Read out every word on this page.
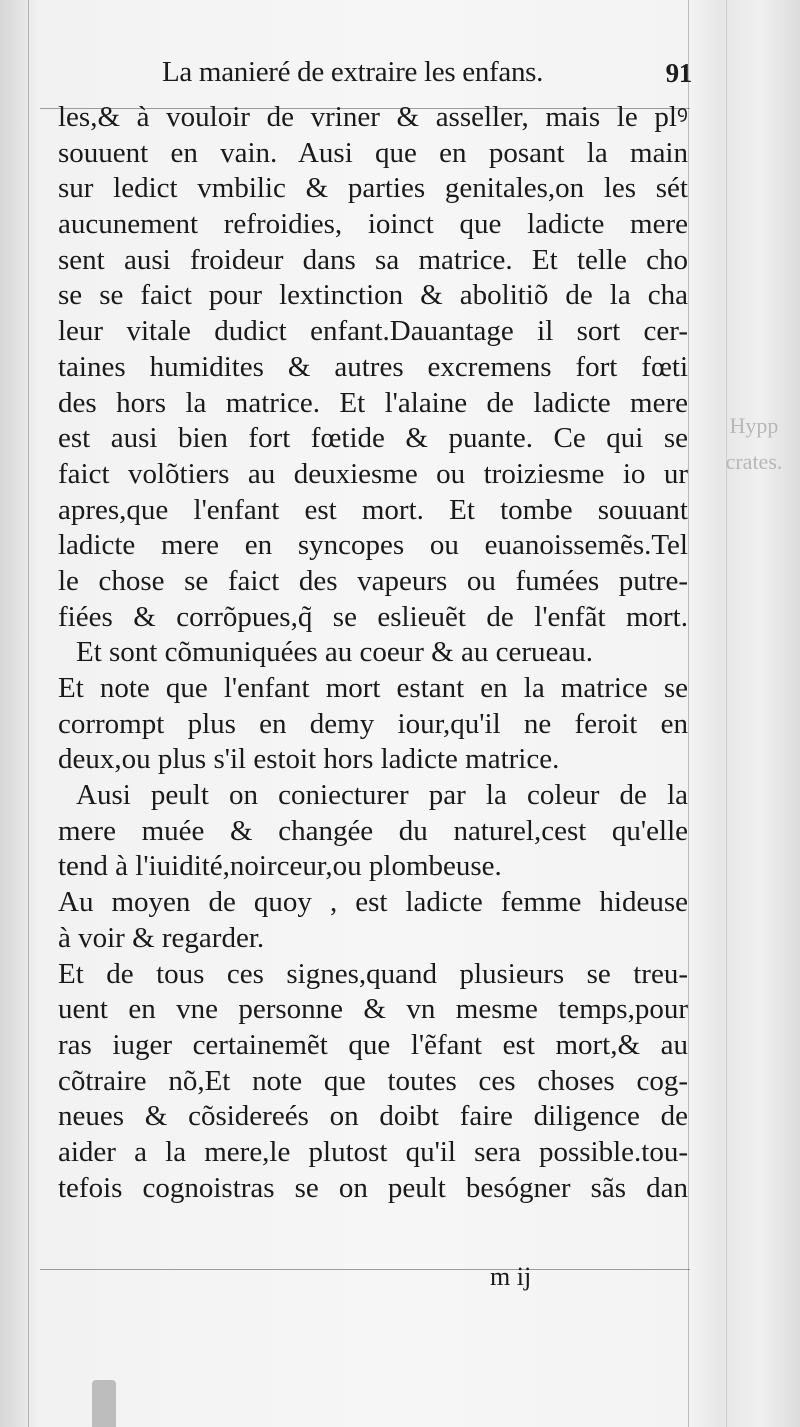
La manieré de extraire les enfans.	91
les,& à vouloir de vriner & asseller, mais le plꝰ
souuent en vain. Ausi que en posant la main
sur ledict vmbilic & parties genitales,on les sét
aucunement refroidies, ioinct que ladicte mere
sent ausi froideur dans sa matrice. Et telle cho
se se faict pour lextinction & abolitiõ de la cha
leur vitale dudict enfant.Dauantage il sort cer-
taines humidites & autres excremens fort fœti
des hors la matrice. Et l'alaine de ladicte mere
est ausi bien fort fœtide & puante. Ce qui se
faict volõtiers au deuxiesme ou troiziesme io ur
apres,que l'enfant est mort. Et tombe souuant
ladicte mere en syncopes ou euanoissemẽs.Tel
le chose se faict des vapeurs ou fumées putre-
fiées & corrõpues,q̃ se eslieuẽt de l'enfãt mort.
Et sont cõmuniquées au coeur & au cerueau.
Et note que l'enfant mort estant en la matrice se
corrompt plus en demy iour,qu'il ne feroit en
deux,ou plus s'il estoit hors ladicte matrice.
Ausi peult on coniecturer par la coleur de la
mere muée & changée du naturel,cest qu'elle
tend à l'iuidité,noirceur,ou plombeuse.
Au moyen de quoy , est ladicte femme hideuse
à voir & regarder.
Et de tous ces signes,quand plusieurs se treu-
uent en vne personne & vn mesme temps,pour
ras iuger certainemẽt que l'ẽfant est mort,& au
cõtraire nõ,Et note que toutes ces choses cog-
neues & cõsidereés on doibt faire diligence de
aider a la mere,le plutost qu'il sera possible.tou-
tefois cognoistras se on peult besógner sãs dan
m ij
Hypp
crates.
